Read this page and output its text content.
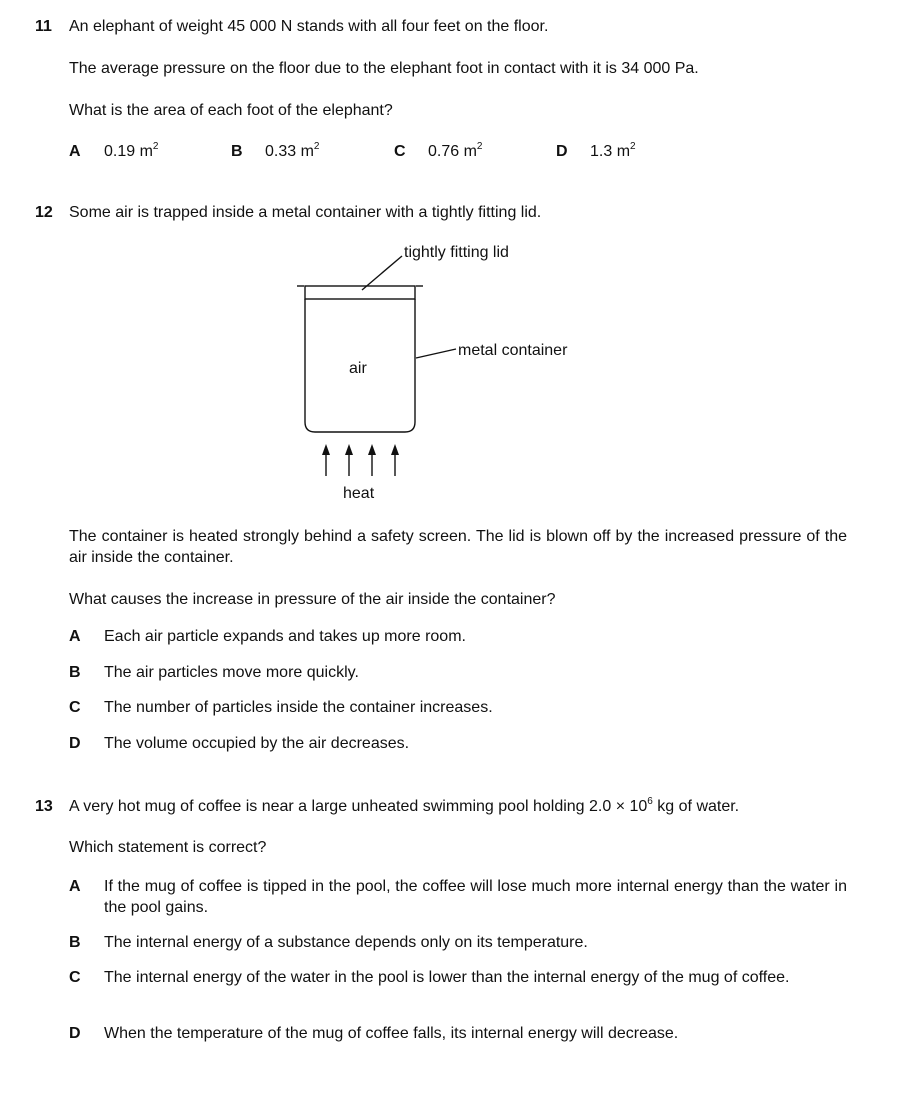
11 An elephant of weight 45 000 N stands with all four feet on the floor.
The average pressure on the floor due to the elephant foot in contact with it is 34 000 Pa.
What is the area of each foot of the elephant?
A 0.19 $m^2$	B 0.33 $m^2$	C 0.76 $m^2$	D 1.3 $m^2$
12 Some air is trapped inside a metal container with a tightly fitting lid.
tightly fitting lid
metal container
air
heat
The container is heated strongly behind a safety screen. The lid is blown off by the increased pressure of the air inside the container.
What causes the increase in pressure of the air inside the container?
A Each air particle expands and takes up more room.
B The air particles move more quickly.
C The number of particles inside the container increases.
D The volume occupied by the air decreases.
13 A very hot mug of coffee is near a large unheated swimming pool holding $2.0 \times 10^6$ kg of water.
Which statement is correct?
A If the mug of coffee is tipped in the pool, the coffee will lose much more internal energy than the water in the pool gains.
B The internal energy of a substance depends only on its temperature.
C The internal energy of the water in the pool is lower than the internal energy of the mug of coffee.
D When the temperature of the mug of coffee falls, its internal energy will decrease.
